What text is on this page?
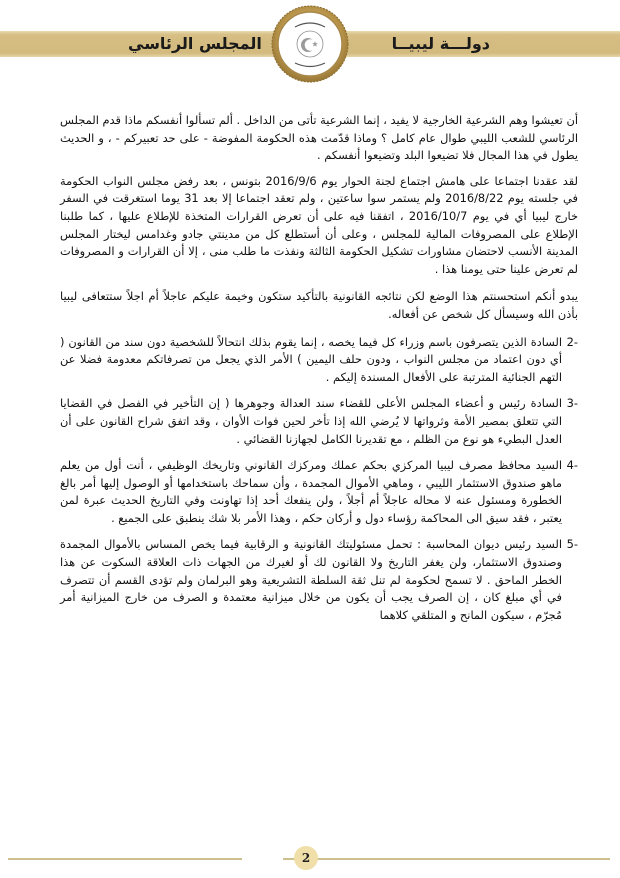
دولـــة ليبيــا
المجلس الرئاسي

أن تعيشوا وهم الشرعية الخارجية لا يفيد ، إنما الشرعية تأتى من الداخل . ألم تسألوا أنفسكم ماذا قدم المجلس الرئاسي للشعب الليبي طوال عام كامل ؟ وماذا قدّمت هذه الحكومة المفوضة - على حد تعبيركم - ، و الحديث يطول في هذا المجال فلا تضيعوا البلد وتضيعوا أنفسكم .

لقد عقدنا اجتماعا على هامش اجتماع لجنة الحوار يوم 2016/9/6 بتونس ، بعد رفض مجلس النواب الحكومة في جلسته يوم 2016/8/22 ولم يستمر سوا ساعتين ، ولم تعقد اجتماعا إلا بعد 31 يوما استغرقت في السفر خارج ليبيا أي في يوم 2016/10/7 ، اتفقنا فيه على أن تعرض القرارات المتخذة للإطلاع عليها ، كما طلبنا الإطلاع على المصروفات المالية للمجلس ، وعلى أن أستطلع كل من مدينتي جادو وغدامس ليختار المجلس المدينة الأنسب لاحتضان مشاورات تشكيل الحكومة الثالثة ونفذت ما طلب منى ، إلا أن القرارات و المصروفات لم تعرض علينا حتى يومنا هذا .

يبدو أنكم استحسنتم هذا الوضع لكن نتائجه القانونية بالتأكيد ستكون وخيمة عليكم عاجلاً أم اجلاً ستتعافى ليبيا بأذن الله وسيسأل كل شخص عن أفعاله.

2-
السادة الذين يتصرفون باسم وزراء كل فيما يخصه ، إنما يقوم بذلك انتحالاً للشخصية دون سند من القانون ( أي دون اعتماد من مجلس النواب ، ودون حلف اليمين ) الأمر الذي يجعل من تصرفاتكم معدومة فضلا عن التهم الجنائية المترتبة على الأفعال المسندة إليكم .
3-
السادة رئيس و أعضاء المجلس الأعلى للقضاء سند العدالة وجوهرها ( إن التأخير في الفصل في القضايا التي تتعلق بمصير الأمة وثرواتها لا يُرضي الله إذا تأخر لحين فوات الأوان ، وقد اتفق شراح القانون على أن العدل البطيء هو نوع من الظلم ، مع تقديرنا الكامل لجهازنا القضائي .
4-
السيد محافظ مصرف ليبيا المركزي بحكم عملك ومركزك القانوني وتاريخك الوظيفي ، أنت أول من يعلم ماهو صندوق الاستثمار الليبي ، وماهي الأموال المجمدة ، وأن سماحك باستخدامها أو الوصول إليها أمر بالغ الخطورة ومسئول عنه لا محاله عاجلاً أم أجلاً ، ولن ينفعك أحد إذا تهاونت وفي التاريخ الحديث عبرة لمن يعتبر ، فقد سيق الى المحاكمة رؤساء دول و أركان حكم ، وهذا الأمر بلا شك ينطبق على الجميع .
5-
السيد رئيس ديوان المحاسبة : تحمل مسئوليتك القانونية و الرقابية فيما يخص المساس بالأموال المجمدة وصندوق الاستثمار، ولن يغفر التاريخ ولا القانون لك أو لغيرك من الجهات ذات العلاقة السكوت عن هذا الخطر الماحق . لا تسمح لحكومة لم تنل ثقة السلطة التشريعية وهو البرلمان ولم تؤدى القسم أن تتصرف في أي مبلغ كان ، إن الصرف يجب أن يكون من خلال ميزانية معتمدة و الصرف من خارج الميزانية أمر مُجرّم ، سيكون المانح و المتلقي كلاهما
2
